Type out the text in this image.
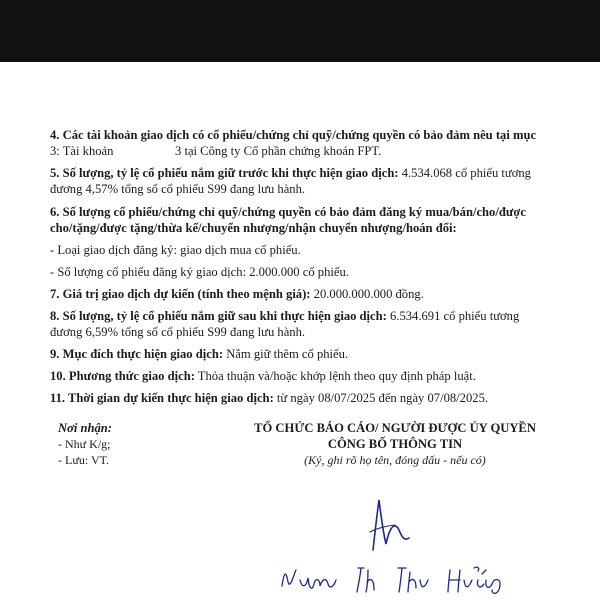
4. Các tài khoản giao dịch có cổ phiếu/chứng chỉ quỹ/chứng quyền có bảo đảm nêu tại mục
3: Tài khoản	3 tại Công ty Cổ phần chứng khoán FPT.
5. Số lượng, tỷ lệ cổ phiếu nắm giữ trước khi thực hiện giao dịch: 4.534.068 cổ phiếu tương
đương 4,57% tổng số cổ phiếu S99 đang lưu hành.
6. Số lượng cổ phiếu/chứng chỉ quỹ/chứng quyền có bảo đảm đăng ký mua/bán/cho/được
cho/tặng/được tặng/thừa kế/chuyển nhượng/nhận chuyển nhượng/hoán đổi:
- Loại giao dịch đăng ký: giao dịch mua cổ phiếu.
- Số lượng cổ phiếu đăng ký giao dịch: 2.000.000 cổ phiếu.
7. Giá trị giao dịch dự kiến (tính theo mệnh giá): 20.000.000.000 đồng.
8. Số lượng, tỷ lệ cổ phiếu nắm giữ sau khi thực hiện giao dịch: 6.534.691 cổ phiếu tương
đương 6,59% tổng số cổ phiếu S99 đang lưu hành.
9. Mục đích thực hiện giao dịch: Nắm giữ thêm cổ phiếu.
10. Phương thức giao dịch: Thỏa thuận và/hoặc khớp lệnh theo quy định pháp luật.
11. Thời gian dự kiến thực hiện giao dịch: từ ngày 08/07/2025 đến ngày 07/08/2025.
Nơi nhận:
- Như K/g;
- Lưu: VT.
TỔ CHỨC BÁO CÁO/ NGƯỜI ĐƯỢC ỦY QUYỀN
CÔNG BỐ THÔNG TIN
(Ký, ghi rõ họ tên, đóng dấu - nếu có)
